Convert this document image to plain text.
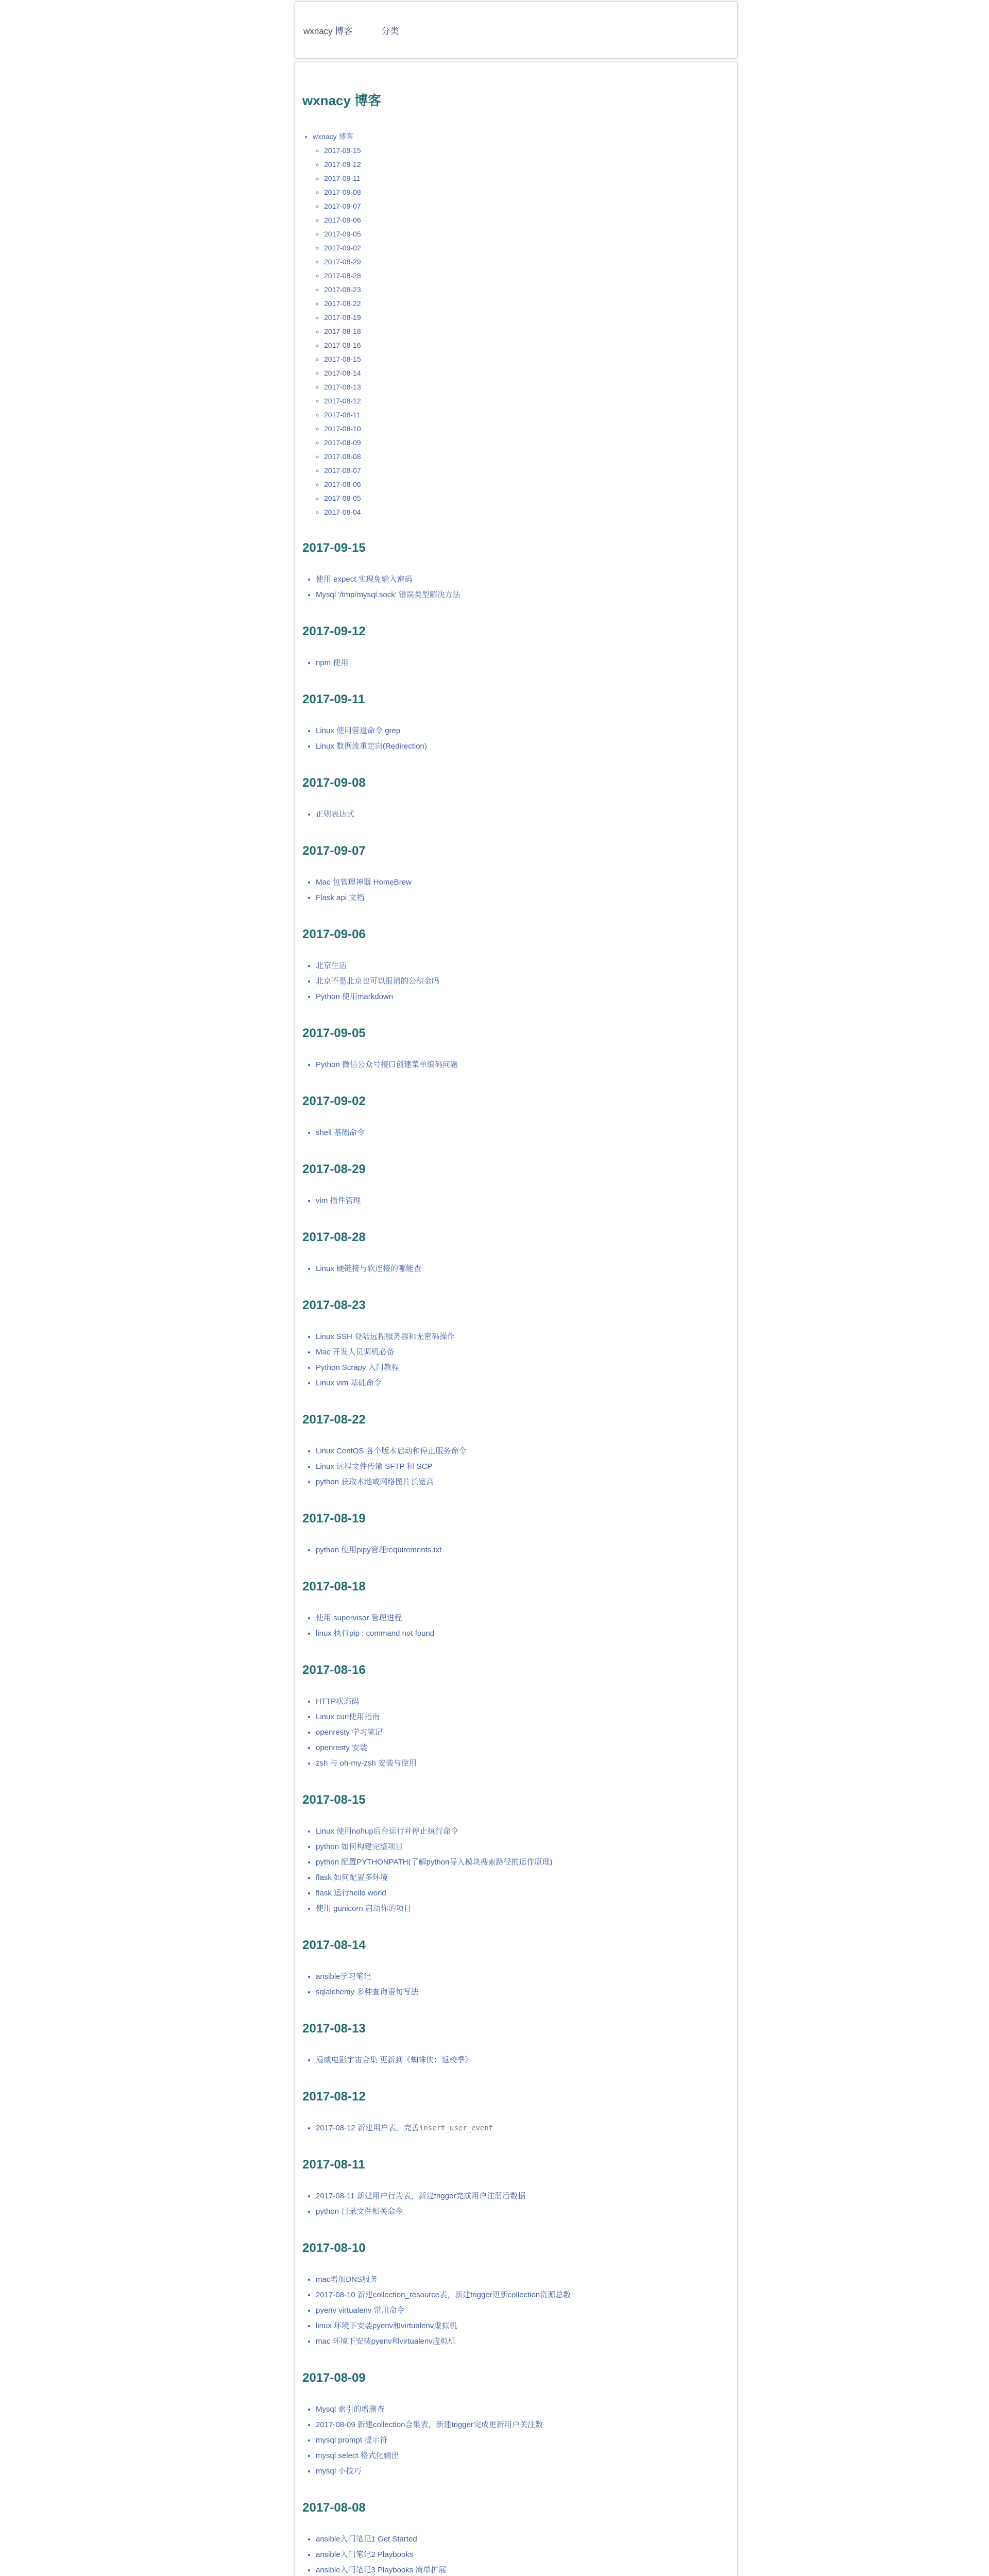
wxnacy 博客	分类
wxnacy 博客
• wxnacy 博客
◦ 2017-09-15
◦ 2017-09-12
◦ 2017-09-11
◦ 2017-09-08
◦ 2017-09-07
◦ 2017-09-06
◦ 2017-09-05
◦ 2017-09-02
◦ 2017-08-29
◦ 2017-08-28
◦ 2017-08-23
◦ 2017-08-22
◦ 2017-08-19
◦ 2017-08-18
◦ 2017-08-16
◦ 2017-08-15
◦ 2017-08-14
◦ 2017-08-13
◦ 2017-08-12
◦ 2017-08-11
◦ 2017-08-10
◦ 2017-08-09
◦ 2017-08-08
◦ 2017-08-07
◦ 2017-08-06
◦ 2017-08-05
◦ 2017-08-04
2017-09-15
• 使用 expect 实现免输入密码
• Mysql '/tmp/mysql.sock' 错误类型解决方法
2017-09-12
• npm 使用
2017-09-11
• Linux 使用管道命令 grep
• Linux 数据流重定向(Redirection)
2017-09-08
• 正则表达式
2017-09-07
• Mac 包管理神器 HomeBrew
• Flask api 文档
2017-09-06
• 北京生活
• 北京不是北京也可以报销的公积金吗
• Python 使用markdown
2017-09-05
• Python 微信公众号接口创建菜单编码问题
2017-09-02
• shell 基础命令
2017-08-29
• vim 插件管理
2017-08-28
• Linux 硬链接与软连接的哪能查
2017-08-23
• Linux SSH 登陆远程服务器和无密码操作
• Mac 开发人员调机必备
• Python Scrapy 入门教程
• Linux vim 基础命令
2017-08-22
• Linux CentOS 各个版本启动和停止服务命令
• Linux 远程文件传输 SFTP 和 SCP
• python 获取本地或网络图片长宽高
2017-08-19
• python 使用pipy管理requirements.txt
2017-08-18
• 使用 supervisor 管理进程
• linux 执行pip : command not found
2017-08-16
• HTTP状态码
• Linux curl使用指南
• openresty 学习笔记
• openresty 安装
• zsh 与 oh-my-zsh 安装与使用
2017-08-15
• Linux 使用nohup后台运行并停止执行命令
• python 如何构建完整项目
• python 配置PYTHONPATH(了解python导入模块搜索路径的运作原理)
• flask 如何配置多环境
• flask 运行hello world
• 使用 gunicorn 启动你的项目
2017-08-14
• ansible学习笔记
• sqlalchemy 多种查询语句写法
2017-08-13
• 漫威电影宇宙合集 更新到《蜘蛛侠：返校季》
2017-08-12
• 2017-08-12 新建用户表。完善insert_user_event
2017-08-11
• 2017-08-11 新建用户行为表，新建trigger完成用户注册后数据
• python 目录文件相关命令
2017-08-10
• mac增加DNS服务
• 2017-08-10 新建collection_resource表，新建trigger更新collection资源总数
• pyenv virtualenv 常用命令
• linux 环境下安装pyenv和virtualenv虚拟机
• mac 环境下安装pyenv和virtualenv虚拟机
2017-08-09
• Mysql 索引的增删查
• 2017-08-09 新建collection合集表，新建trigger完成更新用户关注数
• mysql prompt 提示符
• mysql select 格式化输出
• mysql 小技巧
2017-08-08
• ansible入门笔记1 Get Started
• ansible入门笔记2 Playbooks
• ansible入门笔记3 Playbooks 简单扩展
